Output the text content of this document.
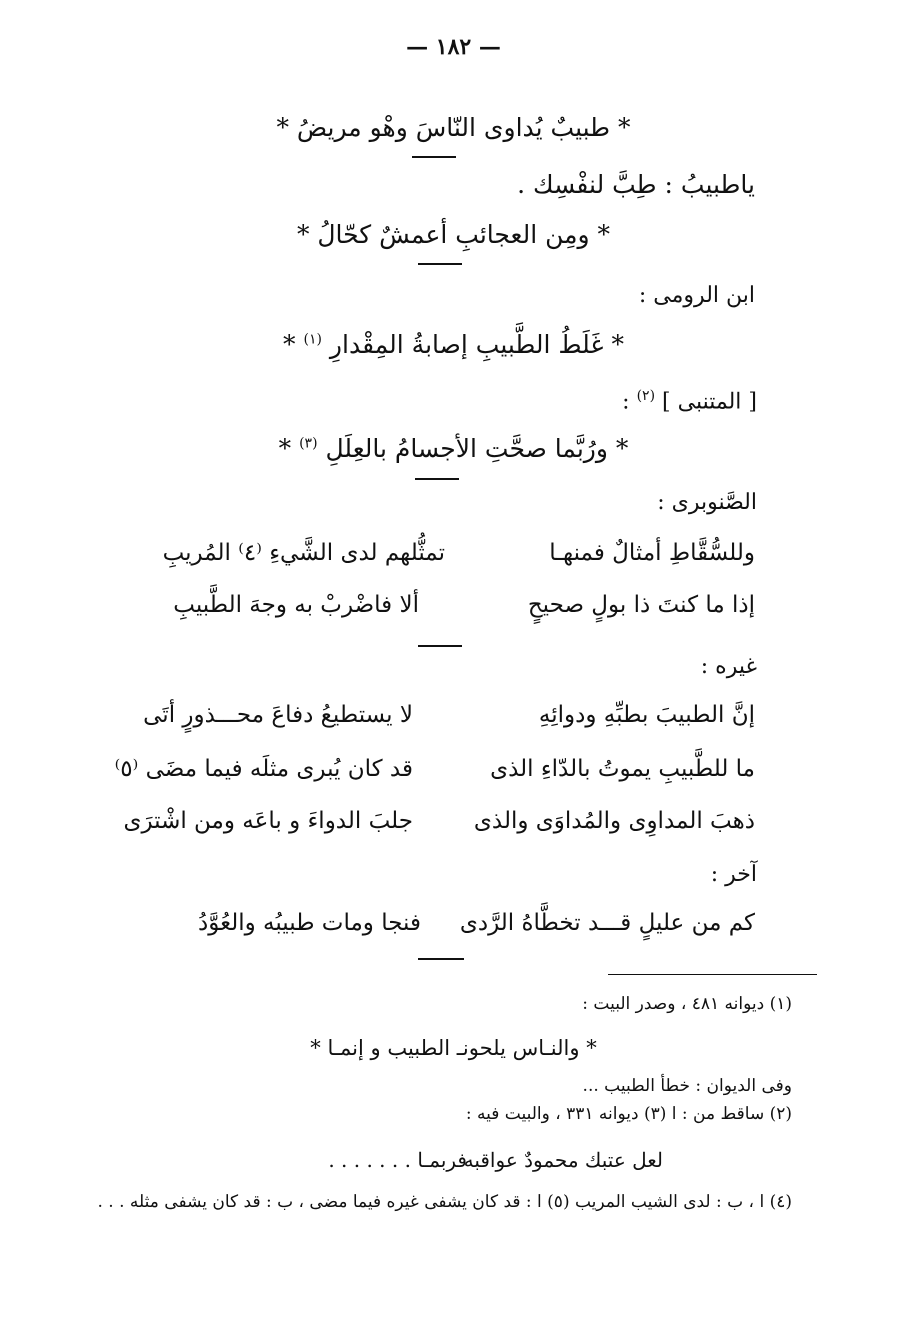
— ١٨٢ —
* طبيبٌ يُداوى النّاسَ وهْو مريضُ *
ياطبيبُ : طِبَّ لنفْسِك .
* ومِن العجائبِ أعمشٌ كحّالُ *
ابن الرومى :
* غَلَطُ الطَّبيبِ إصابةُ المِقْدارِ $^{(١)}$ *
[ المتنبى ] $^{(٢)}$ :
* ورُبَّما صحَّتِ الأجسامُ بالعِلَلِ $^{(٣)}$ *
الصَّنوبرى :
وللسُّقَّاطِ أمثالٌ فمنهـا
تمثُّلهم لدى الشَّيءِ ⁽٤⁾ المُريبِ
إذا ما كنتَ ذا بولٍ صحيحٍ
ألا فاضْربْ به وجهَ الطَّبيبِ
غيره :
إنَّ الطبيبَ بطبِّهِ ودوائِهِ
لا يستطيعُ دفاعَ محـــذورٍ أتَى
ما للطَّبيبِ يموتُ بالدّاءِ الذى
قد كان يُبرى مثلَه فيما مضَى ⁽٥⁾
ذهبَ المداوِى والمُداوَى والذى
جلبَ الدواءَ و باعَه ومن اشْترَى
آخر :
كم من عليلٍ قـــد تخطَّاهُ الرَّدى
فنجا ومات طبيبُه والعُوَّدُ
(١) ديوانه ٤٨١ ، وصدر البيت :
* والنـاس يلحونـ الطبيب و إنمـا *
وفى الديوان : خطأ الطبيب ...
(٢) ساقط من : ا (٣) ديوانه ٣٣١ ، والبيت فيه :
لعل عتبك محمودٌ عواقبه
فربمـا . . . . . . .
(٤) ا ، ب : لدى الشيب المريب (٥) ا : قد كان يشفى غيره فيما مضى ، ب : قد كان يشفى مثله . . .
